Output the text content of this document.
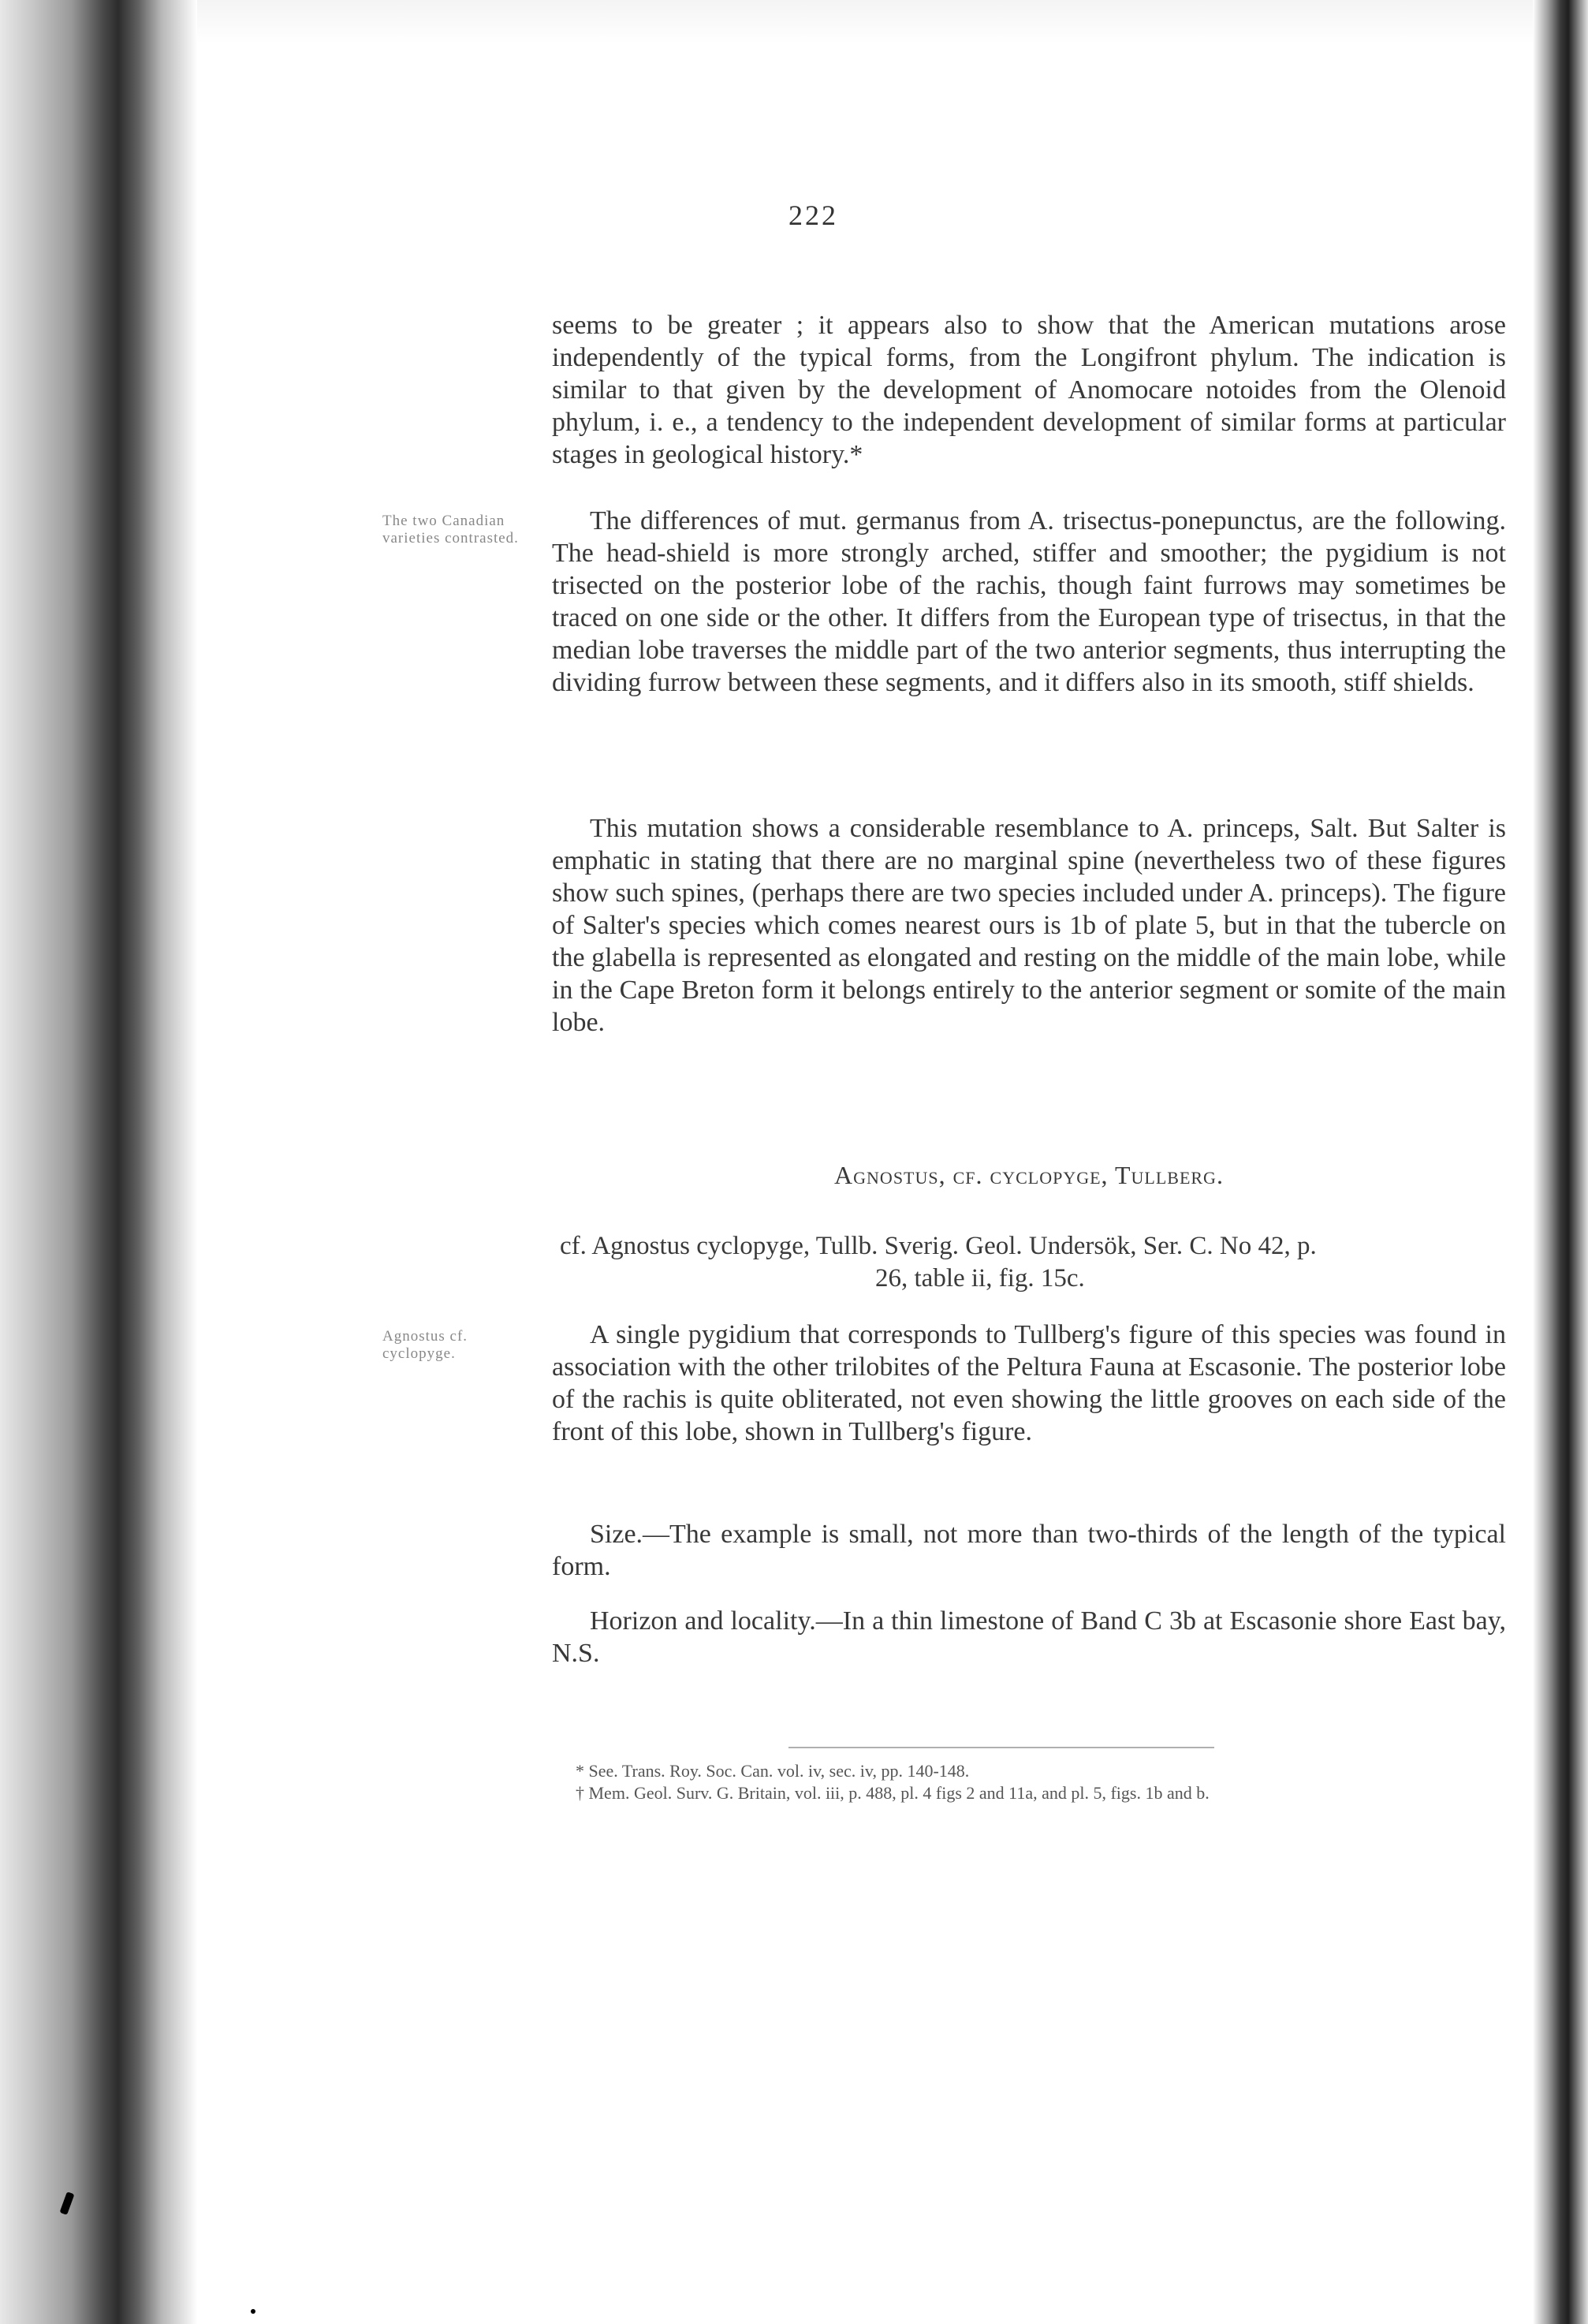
222
The two Canadian varieties contrasted.
Agnostus cf. cyclopyge.

seems to be greater ; it appears also to show that the American mutations arose independently of the typical forms, from the Longifront phylum. The indication is similar to that given by the development of Anomocare notoides from the Olenoid phylum, i. e., a tendency to the independent development of similar forms at particular stages in geological history.*

The differences of mut. germanus from A. trisectus-ponepunctus, are the following. The head-shield is more strongly arched, stiffer and smoother; the pygidium is not trisected on the posterior lobe of the rachis, though faint furrows may sometimes be traced on one side or the other. It differs from the European type of trisectus, in that the median lobe traverses the middle part of the two anterior segments, thus interrupting the dividing furrow between these segments, and it differs also in its smooth, stiff shields.

This mutation shows a considerable resemblance to A. princeps, Salt. But Salter is emphatic in stating that there are no marginal spine (nevertheless two of these figures show such spines, (perhaps there are two species included under A. princeps). The figure of Salter's species which comes nearest ours is 1b of plate 5, but in that the tubercle on the glabella is represented as elongated and resting on the middle of the main lobe, while in the Cape Breton form it belongs entirely to the anterior segment or somite of the main lobe.

Agnostus, cf. cyclopyge, Tullberg.
cf. Agnostus cyclopyge, Tullb. Sverig. Geol. Undersök, Ser. C. No 42, p.
26, table ii, fig. 15c.

A single pygidium that corresponds to Tullberg's figure of this species was found in association with the other trilobites of the Peltura Fauna at Escasonie. The posterior lobe of the rachis is quite obliterated, not even showing the little grooves on each side of the front of this lobe, shown in Tullberg's figure.

Size.—The example is small, not more than two-thirds of the length of the typical form.

Horizon and locality.—In a thin limestone of Band C 3b at Escasonie shore East bay, N.S.

* See. Trans. Roy. Soc. Can. vol. iv, sec. iv, pp. 140-148.

† Mem. Geol. Surv. G. Britain, vol. iii, p. 488, pl. 4 figs 2 and 11a, and pl. 5, figs. 1b and b.
